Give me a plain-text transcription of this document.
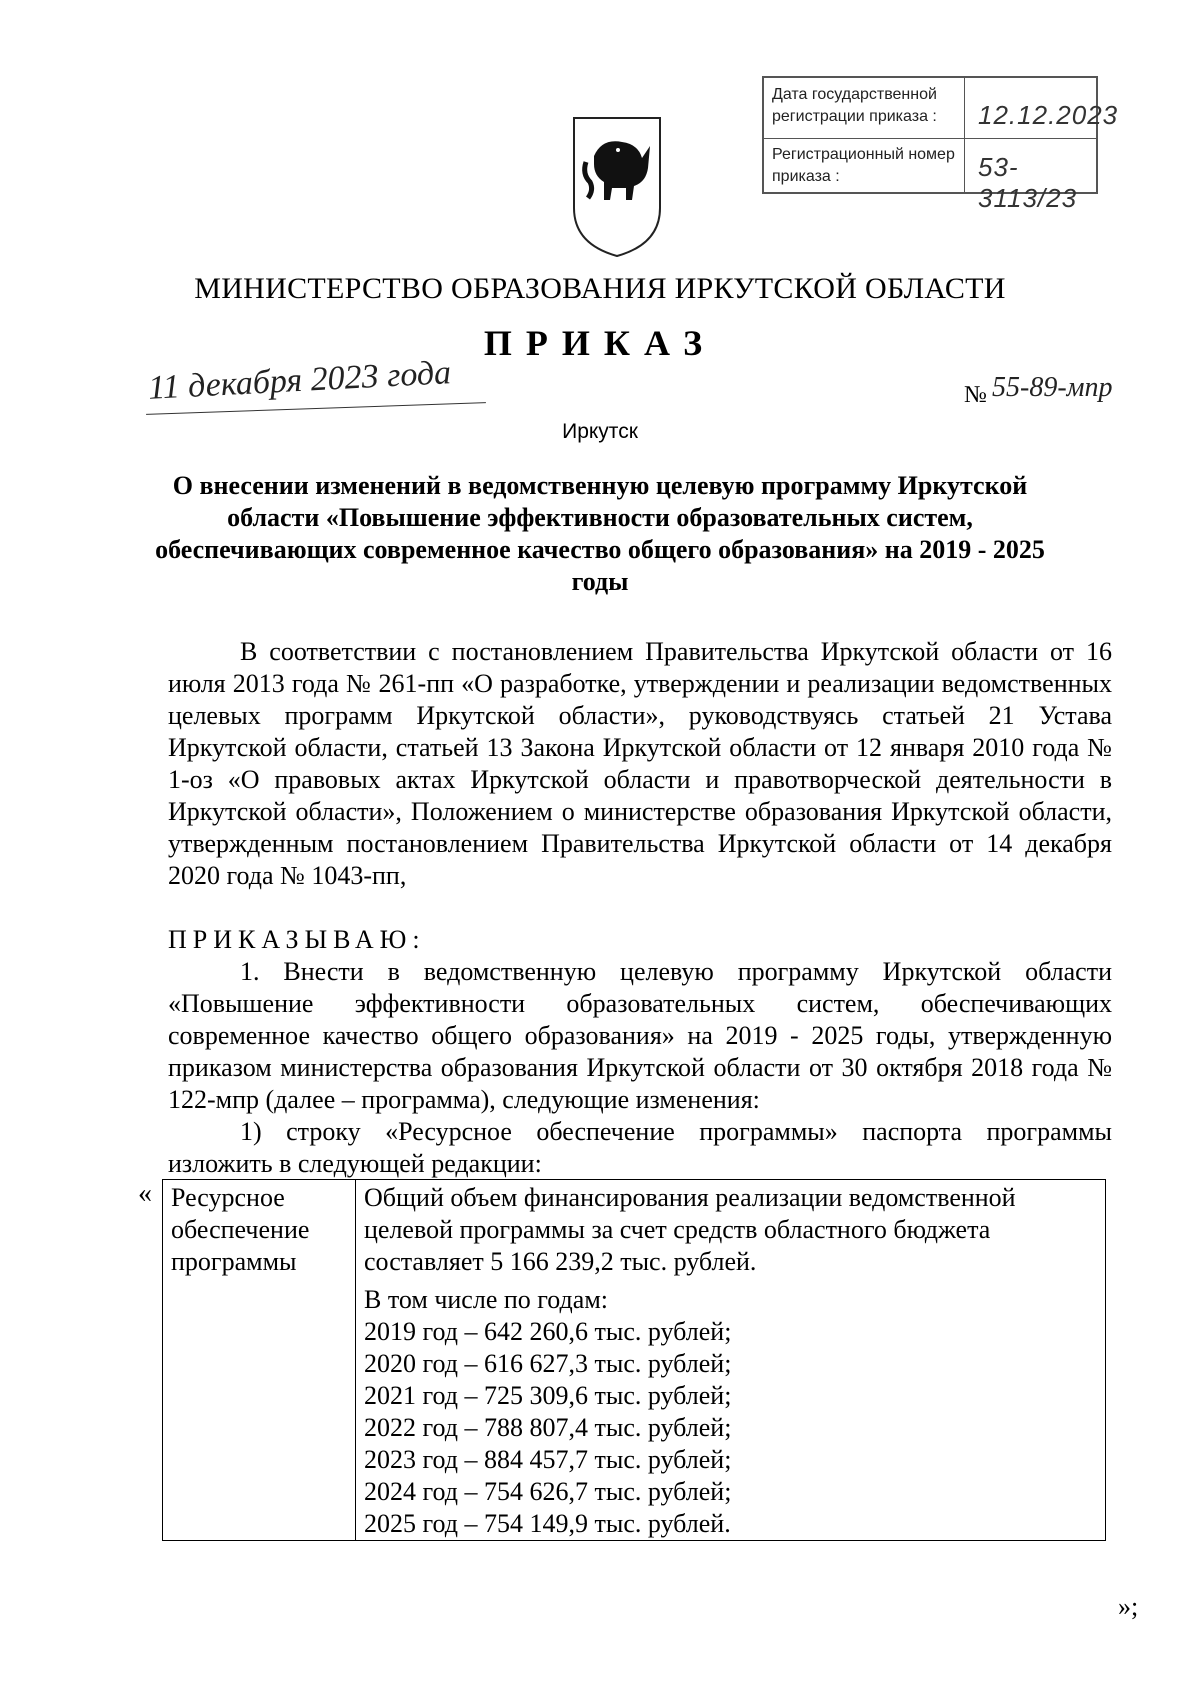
Дата государственной регистрации приказа :	12.12.2023
Регистрационный номер приказа :	53-3113/23
МИНИСТЕРСТВО ОБРАЗОВАНИЯ ИРКУТСКОЙ ОБЛАСТИ
ПРИКАЗ
11 декабря 2023 года	№ 55-89-мпр
Иркутск
О внесении изменений в ведомственную целевую программу Иркутской области «Повышение эффективности образовательных систем, обеспечивающих современное качество общего образования» на 2019 - 2025 годы
В соответствии с постановлением Правительства Иркутской области от 16 июля 2013 года № 261-пп «О разработке, утверждении и реализации ведомственных целевых программ Иркутской области», руководствуясь статьей 21 Устава Иркутской области, статьей 13 Закона Иркутской области от 12 января 2010 года № 1-оз «О правовых актах Иркутской области и правотворческой деятельности в Иркутской области», Положением о министерстве образования Иркутской области, утвержденным постановлением Правительства Иркутской области от 14 декабря 2020 года № 1043-пп,
ПРИКАЗЫВАЮ:
1. Внести в ведомственную целевую программу Иркутской области «Повышение эффективности образовательных систем, обеспечивающих современное качество общего образования» на 2019 - 2025 годы, утвержденную приказом министерства образования Иркутской области от 30 октября 2018 года № 122-мпр (далее – программа), следующие изменения:
1) строку «Ресурсное обеспечение программы» паспорта программы изложить в следующей редакции:
« Ресурсное обеспечение программы	
Общий объем финансирования реализации ведомственной целевой программы за счет средств областного бюджета составляет 5 166 239,2 тыс. рублей.
В том числе по годам:
2019 год – 642 260,6 тыс. рублей;
2020 год – 616 627,3 тыс. рублей;
2021 год – 725 309,6 тыс. рублей;
2022 год – 788 807,4 тыс. рублей;
2023 год – 884 457,7 тыс. рублей;
2024 год – 754 626,7 тыс. рублей;
2025 год – 754 149,9 тыс. рублей.
»;
